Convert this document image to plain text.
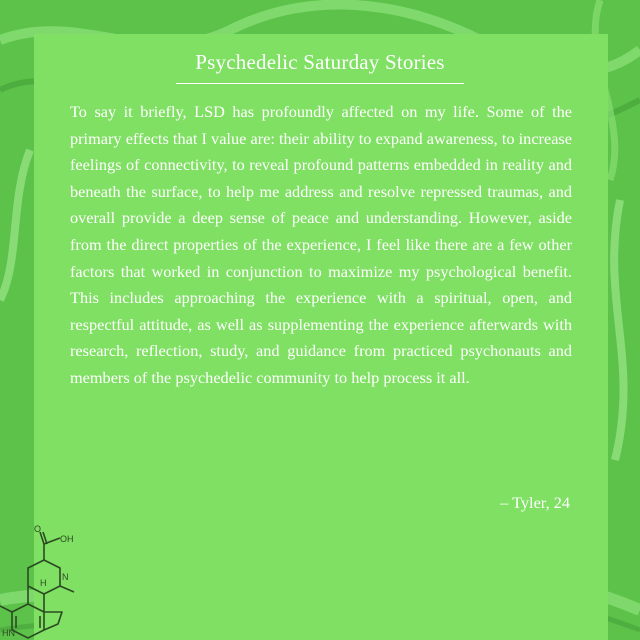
Psychedelic Saturday Stories

To say it briefly, LSD has profoundly affected on my life. Some of the primary effects that I value are: their ability to expand awareness, to increase feelings of connectivity, to reveal profound patterns embedded in reality and beneath the surface, to help me address and resolve repressed traumas, and overall provide a deep sense of peace and understanding. However, aside from the direct properties of the experience, I feel like there are a few other factors that worked in conjunction to maximize my psychological benefit. This includes approaching the experience with a spiritual, open, and respectful attitude, as well as supplementing the experience afterwards with research, reflection, study, and guidance from practiced psychonauts and members of the psychedelic community to help process it all.

– Tyler, 24
OH
O
H
N
HN
